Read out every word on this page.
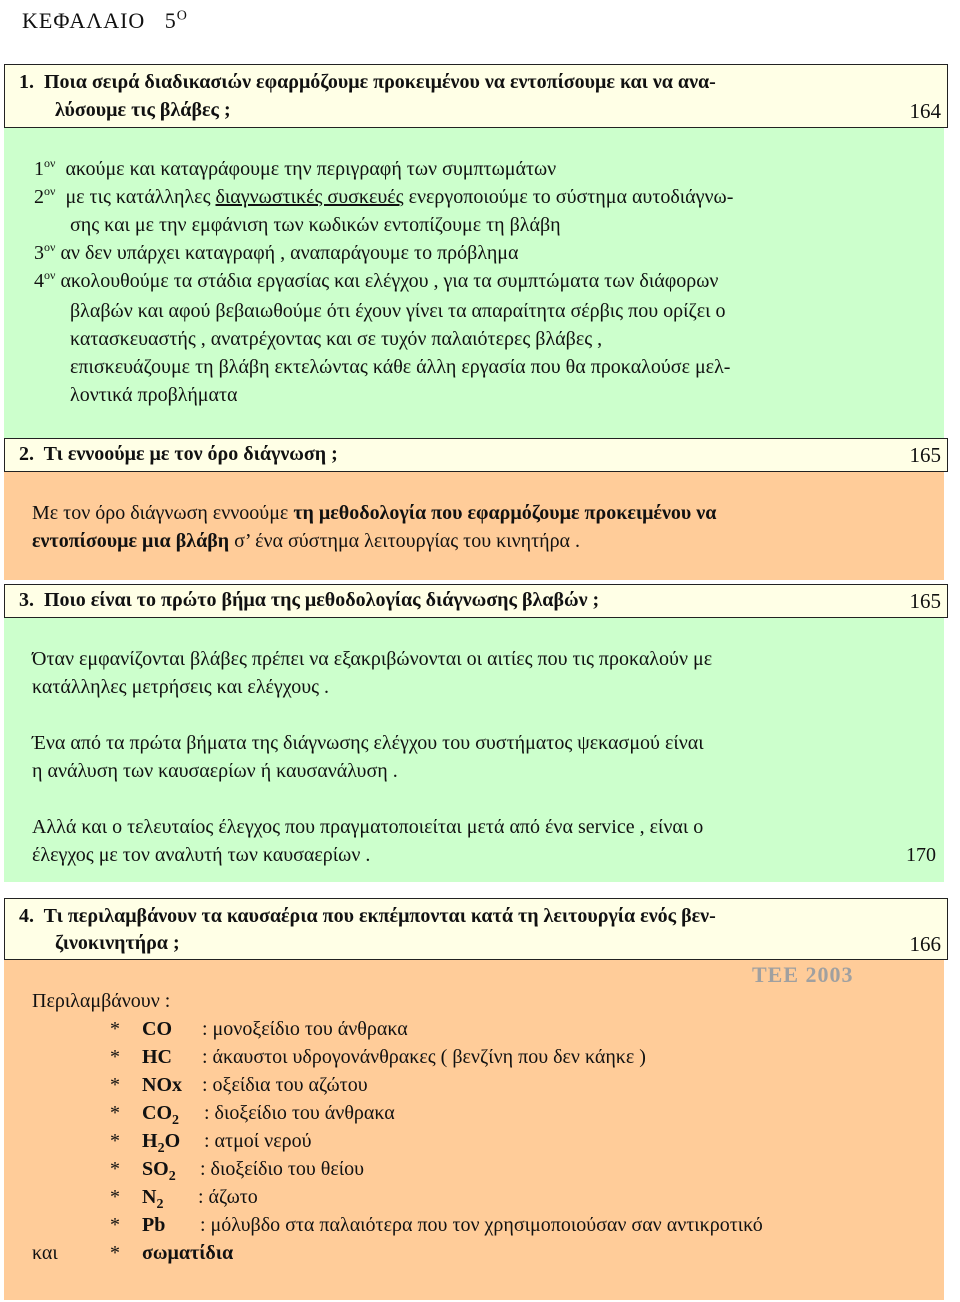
ΚΕΦΑΛΑΙΟ $5^O$
1. Ποια σειρά διαδικασιών εφαρμόζουμε προκειμένου να εντοπίσουμε και να ανα-
λύσουμε τις βλάβες ;	164
$1^{o\nu}$ ακούμε και καταγράφουμε την περιγραφή των συμπτωμάτων
$2^{o\nu}$ με τις κατάλληλες διαγνωστικές συσκευές ενεργοποιούμε το σύστημα αυτοδιάγνω-
σης και με την εμφάνιση των κωδικών εντοπίζουμε τη βλάβη
$3^{o\nu}$ αν δεν υπάρχει καταγραφή , αναπαράγουμε το πρόβλημα
$4^{o\nu}$ ακολουθούμε τα στάδια εργασίας και ελέγχου , για τα συμπτώματα των διάφορων
βλαβών και αφού βεβαιωθούμε ότι έχουν γίνει τα απαραίτητα σέρβις που ορίζει ο
κατασκευαστής , ανατρέχοντας και σε τυχόν παλαιότερες βλάβες ,
επισκευάζουμε τη βλάβη εκτελώντας κάθε άλλη εργασία που θα προκαλούσε μελ-
λοντικά προβλήματα
2. Τι εννοούμε με τον όρο διάγνωση ;	165
Με τον όρο διάγνωση εννοούμε τη μεθοδολογία που εφαρμόζουμε προκειμένου να
εντοπίσουμε μια βλάβη σ’ ένα σύστημα λειτουργίας του κινητήρα .
3. Ποιο είναι το πρώτο βήμα της μεθοδολογίας διάγνωσης βλαβών ;	165
Όταν εμφανίζονται βλάβες πρέπει να εξακριβώνονται οι αιτίες που τις προκαλούν με
κατάλληλες μετρήσεις και ελέγχους .
Ένα από τα πρώτα βήματα της διάγνωσης ελέγχου του συστήματος ψεκασμού είναι
η ανάλυση των καυσαερίων ή καυσανάλυση .
Αλλά και ο τελευταίος έλεγχος που πραγματοποιείται μετά από ένα service , είναι ο
έλεγχος με τον αναλυτή των καυσαερίων .	170
4. Τι περιλαμβάνουν τα καυσαέρια που εκπέμπονται κατά τη λειτουργία ενός βεν-
ζινοκινητήρα ;	166
ΤΕΕ 2003
Περιλαμβάνουν :
* CO : μονοξείδιο του άνθρακα
* HC : άκαυστοι υδρογονάνθρακες ( βενζίνη που δεν κάηκε )
* NOx : οξείδια του αζώτου
* $CO_2$ : διοξείδιο του άνθρακα
* $H_2O$ : ατμοί νερού
* $SO_2$ : διοξείδιο του θείου
* $N_2$ : άζωτο
* Pb : μόλυβδο στα παλαιότερα που τον χρησιμοποιούσαν σαν αντικροτικό
* σωματίδια
και
